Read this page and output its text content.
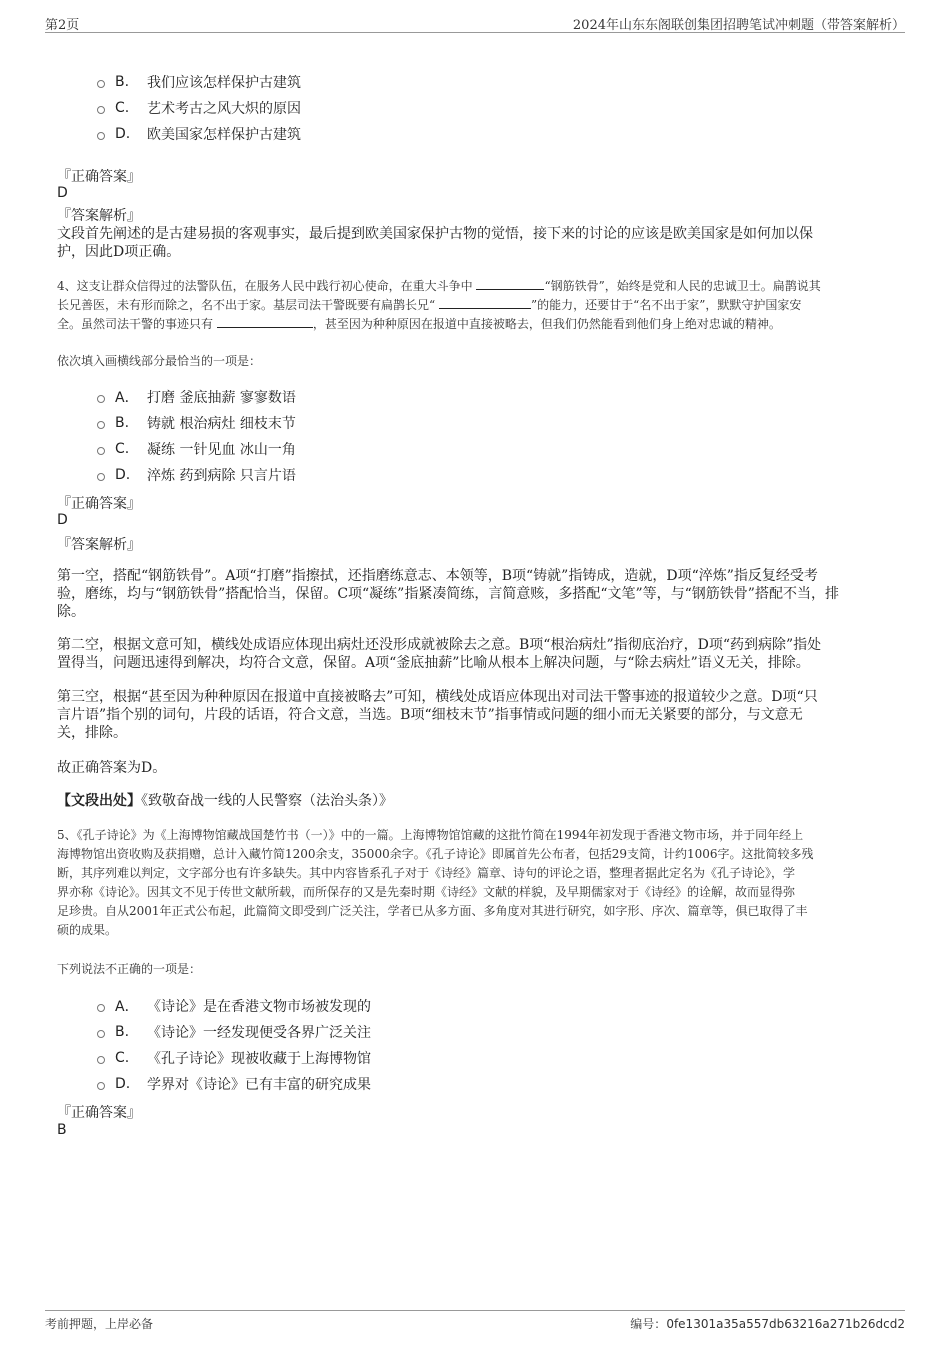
第2页	2024年山东东阁联创集团招聘笔试冲刺题（带答案解析）
B.	我们应该怎样保护古建筑
C.	艺术考古之风大炽的原因
D.	欧美国家怎样保护古建筑
『正确答案』
D
『答案解析』
文段首先阐述的是古建易损的客观事实，最后提到欧美国家保护古物的觉悟，接下来的讨论的应该是欧美国家是如何加以保
护，因此D项正确。
4、这支让群众信得过的法警队伍，在服务人民中践行初心使命，在重大斗争中	“钢筋铁骨”，始终是党和人民的忠诚卫士。扁鹊说其
长兄善医，未有形而除之，名不出于家。基层司法干警既要有扁鹊长兄“	”的能力，还要甘于“名不出于家”，默默守护国家安
全。虽然司法干警的事迹只有	，甚至因为种种原因在报道中直接被略去，但我们仍然能看到他们身上绝对忠诚的精神。
依次填入画横线部分最恰当的一项是：
A． 打磨 釜底抽薪 寥寥数语
B.	铸就 根治病灶 细枝末节
C.	凝练 一针见血 冰山一角
D.	淬炼 药到病除 只言片语
『正确答案』
D
『答案解析』
第一空，搭配“钢筋铁骨”。A项“打磨”指擦拭，还指磨练意志、本领等，B项“铸就”指铸成，造就，D项“淬炼”指反复经受考
验，磨练，均与“钢筋铁骨”搭配恰当，保留。C项“凝练”指紧凑简练，言简意赅，多搭配“文笔”等，与“钢筋铁骨”搭配不当，排
除。
第二空，根据文意可知，横线处成语应体现出病灶还没形成就被除去之意。B项“根治病灶”指彻底治疗，D项“药到病除”指处
置得当，问题迅速得到解决，均符合文意，保留。A项“釜底抽薪”比喻从根本上解决问题，与“除去病灶”语义无关，排除。
第三空，根据“甚至因为种种原因在报道中直接被略去”可知，横线处成语应体现出对司法干警事迹的报道较少之意。D项“只
言片语”指个别的词句，片段的话语，符合文意，当选。B项“细枝末节”指事情或问题的细小而无关紧要的部分，与文意无
关，排除。
故正确答案为D。
【文段出处】《致敬奋战一线的人民警察（法治头条）》
5、《孔子诗论》为《上海博物馆藏战国楚竹书（一）》中的一篇。上海博物馆馆藏的这批竹简在1994年初发现于香港文物市场，并于同年经上
海博物馆出资收购及获捐赠，总计入藏竹简1200余支，35000余字。《孔子诗论》即属首先公布者，包括29支简，计约1006字。这批简较多残
断，其序列难以判定，文字部分也有许多缺失。其中内容皆系孔子对于《诗经》篇章、诗句的评论之语，整理者据此定名为《孔子诗论》，学
界亦称《诗论》。因其文不见于传世文献所载，而所保存的又是先秦时期《诗经》文献的样貌，及早期儒家对于《诗经》的诠解，故而显得弥
足珍贵。自从2001年正式公布起，此篇简文即受到广泛关注，学者已从多方面、多角度对其进行研究，如字形、序次、篇章等，俱已取得了丰
硕的成果。
下列说法不正确的一项是：
A． 《诗论》是在香港文物市场被发现的
B.	《诗论》一经发现便受各界广泛关注
C.	《孔子诗论》现被收藏于上海博物馆
D.	学界对《诗论》已有丰富的研究成果
『正确答案』
B
考前押题，上岸必备	编号：0fe1301a35a557db63216a271b26dcd2
